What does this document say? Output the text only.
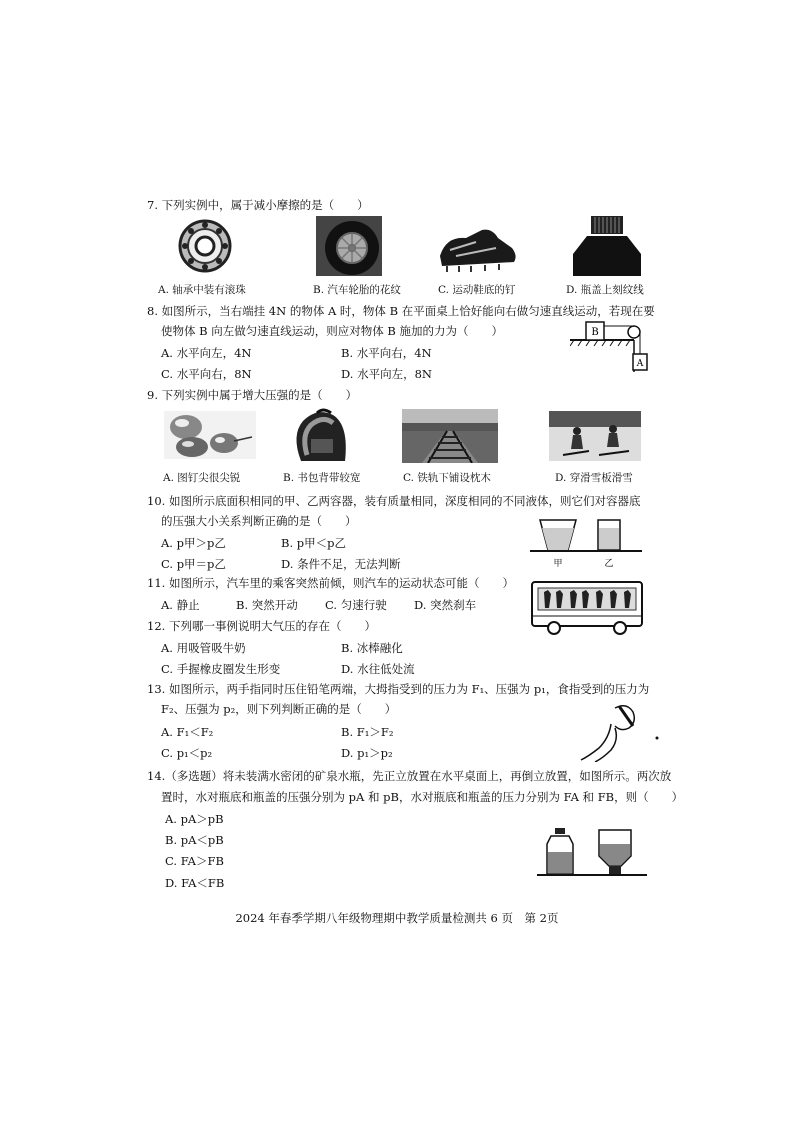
7. 下列实例中，属于减小摩擦的是（　　）
A. 轴承中装有滚珠	B. 汽车轮胎的花纹	C. 运动鞋底的钉	D. 瓶盖上刻纹线
8. 如图所示，当右端挂 4N 的物体 A 时，物体 B 在平面桌上恰好能向右做匀速直线运动，若现在要
使物体 B 向左做匀速直线运动，则应对物体 B 施加的力为（　　）
A. 水平向左，4N	B. 水平向右，4N
C. 水平向右，8N	D. 水平向左，8N
B
A
9. 下列实例中属于增大压强的是（　　）
A. 图钉尖很尖锐	B. 书包背带较宽	C. 铁轨下铺设枕木	D. 穿滑雪板滑雪
10. 如图所示底面积相同的甲、乙两容器，装有质量相同，深度相同的不同液体，则它们对容器底
的压强大小关系判断正确的是（　　）
A. p甲＞p乙	B. p甲＜p乙
C. p甲＝p乙	D. 条件不足，无法判断	甲	乙
11. 如图所示，汽车里的乘客突然前倾，则汽车的运动状态可能（　　）
A. 静止	B. 突然开动 C. 匀速行驶 D. 突然刹车
12. 下列哪一事例说明大气压的存在（　　）
A. 用吸管吸牛奶	B. 冰棒融化
C. 手握橡皮圈发生形变	D. 水往低处流
13. 如图所示，两手指同时压住铅笔两端，大拇指受到的压力为 F₁、压强为 p₁，食指受到的压力为
F₂、压强为 p₂，则下列判断正确的是（　　）
A. F₁＜F₂	B. F₁＞F₂
C. p₁＜p₂	D. p₁＞p₂
14.（多选题）将未装满水密闭的矿泉水瓶，先正立放置在水平桌面上，再倒立放置，如图所示。两次放
置时，水对瓶底和瓶盖的压强分别为 pA 和 pB，水对瓶底和瓶盖的压力分别为 FA 和 FB，则（　　）
A. pA＞pB
B. pA＜pB
C. FA＞FB
D. FA＜FB
2024 年春季学期八年级物理期中教学质量检测共 6 页　第 2页
